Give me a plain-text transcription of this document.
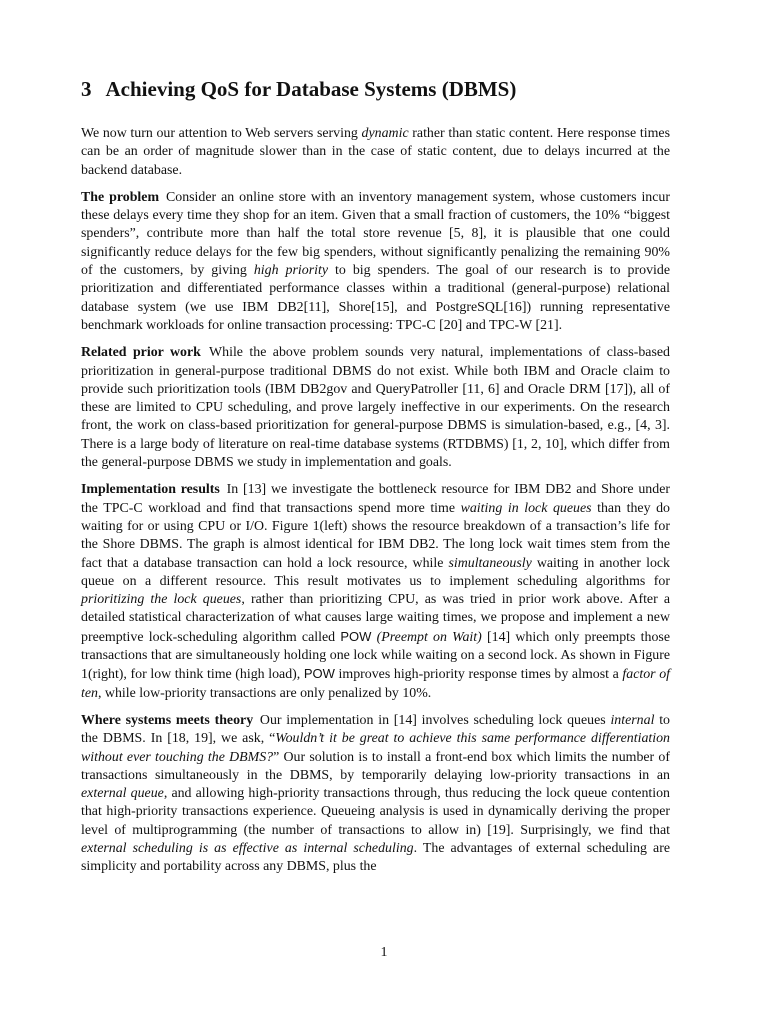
3 Achieving QoS for Database Systems (DBMS)

We now turn our attention to Web servers serving dynamic rather than static content. Here response times can be an order of magnitude slower than in the case of static content, due to delays incurred at the backend database.

The problem Consider an online store with an inventory management system, whose customers incur these delays every time they shop for an item. Given that a small fraction of customers, the 10% “biggest spenders”, contribute more than half the total store revenue [5, 8], it is plausible that one could significantly reduce delays for the few big spenders, without significantly penalizing the remaining 90% of the customers, by giving high priority to big spenders. The goal of our research is to provide prioritization and differentiated performance classes within a traditional (general-purpose) relational database system (we use IBM DB2[11], Shore[15], and PostgreSQL[16]) running representative benchmark workloads for online transaction processing: TPC-C [20] and TPC-W [21].

Related prior work While the above problem sounds very natural, implementations of class-based prioritization in general-purpose traditional DBMS do not exist. While both IBM and Oracle claim to provide such prioritization tools (IBM DB2gov and QueryPatroller [11, 6] and Oracle DRM [17]), all of these are limited to CPU scheduling, and prove largely ineffective in our experiments. On the research front, the work on class-based prioritization for general-purpose DBMS is simulation-based, e.g., [4, 3]. There is a large body of literature on real-time database systems (RTDBMS) [1, 2, 10], which differ from the general-purpose DBMS we study in implementation and goals.

Implementation results In [13] we investigate the bottleneck resource for IBM DB2 and Shore under the TPC-C workload and find that transactions spend more time waiting in lock queues than they do waiting for or using CPU or I/O. Figure 1(left) shows the resource breakdown of a transaction’s life for the Shore DBMS. The graph is almost identical for IBM DB2. The long lock wait times stem from the fact that a database transaction can hold a lock resource, while simultaneously waiting in another lock queue on a different resource. This result motivates us to implement scheduling algorithms for prioritizing the lock queues, rather than prioritizing CPU, as was tried in prior work above. After a detailed statistical characterization of what causes large waiting times, we propose and implement a new preemptive lock-scheduling algorithm called POW (Preempt on Wait) [14] which only preempts those transactions that are simultaneously holding one lock while waiting on a second lock. As shown in Figure 1(right), for low think time (high load), POW improves high-priority response times by almost a factor of ten, while low-priority transactions are only penalized by 10%.

Where systems meets theory Our implementation in [14] involves scheduling lock queues internal to the DBMS. In [18, 19], we ask, “Wouldn’t it be great to achieve this same performance differentiation without ever touching the DBMS?” Our solution is to install a front-end box which limits the number of transactions simultaneously in the DBMS, by temporarily delaying low-priority transactions in an external queue, and allowing high-priority transactions through, thus reducing the lock queue contention that high-priority transactions experience. Queueing analysis is used in dynamically deriving the proper level of multiprogramming (the number of transactions to allow in) [19]. Surprisingly, we find that external scheduling is as effective as internal scheduling. The advantages of external scheduling are simplicity and portability across any DBMS, plus the

1
